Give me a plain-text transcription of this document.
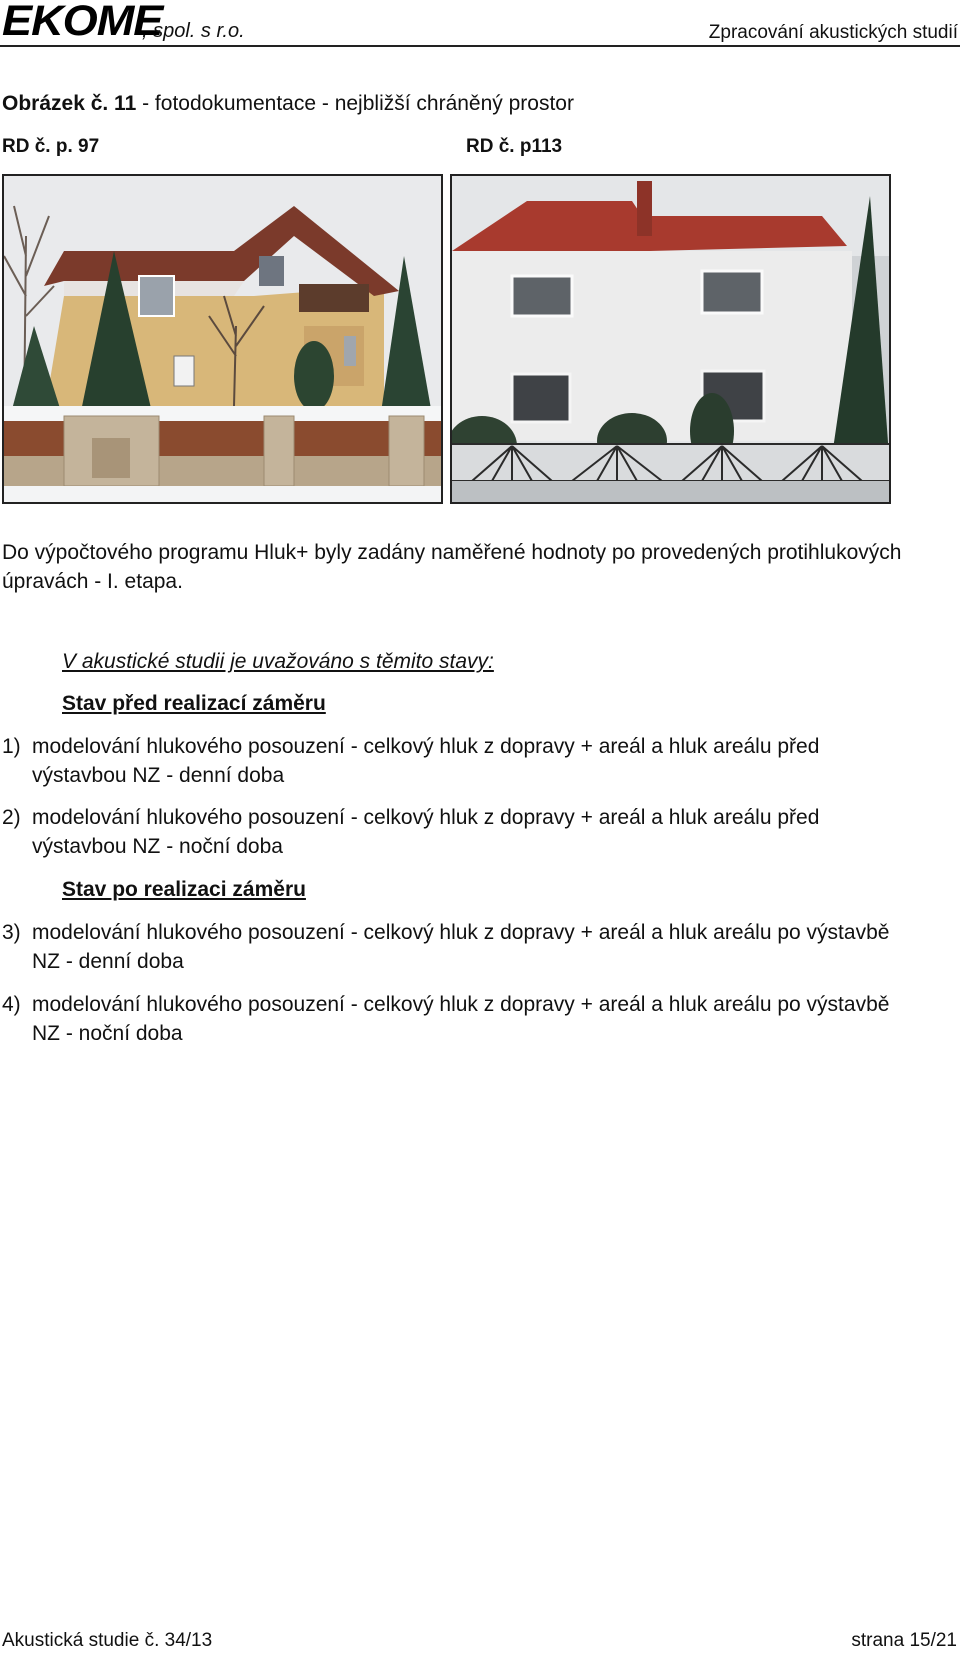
EKOME
, spol. s r.o.	Zpracování akustických studií
Obrázek č. 11 - fotodokumentace - nejbližší chráněný prostor
RD č. p. 97	RD č. p113
Do výpočtového programu Hluk+ byly zadány naměřené hodnoty po provedených protihlukových úpravách - I. etapa.
V akustické studii je uvažováno s těmito stavy:
Stav před realizací záměru
1) modelování hlukového posouzení - celkový hluk z dopravy + areál a hluk areálu před výstavbou NZ - denní doba
2) modelování hlukového posouzení - celkový hluk z dopravy + areál a hluk areálu před výstavbou NZ - noční doba
Stav po realizaci záměru
3) modelování hlukového posouzení - celkový hluk z dopravy + areál a hluk areálu po výstavbě NZ - denní doba
4) modelování hlukového posouzení - celkový hluk z dopravy + areál a hluk areálu po výstavbě NZ - noční doba
Akustická studie č. 34/13	strana 15/21
